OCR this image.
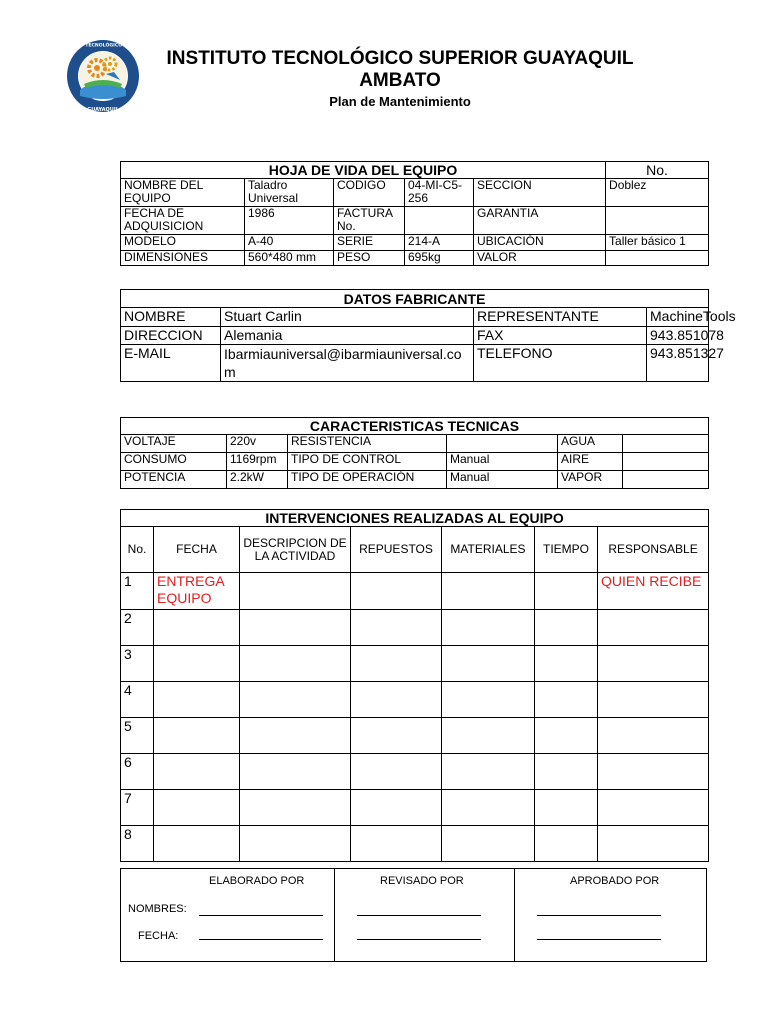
INSTITUTO TECNOLÓGICO SUPERIOR
GUAYAQUIL
INSTITUTO TECNOLÓGICO SUPERIOR GUAYAQUIL
AMBATO
Plan de Mantenimiento
HOJA DE VIDA DEL EQUIPO					No.
NOMBRE DEL EQUIPO	Taladro Universal	CODIGO	04-MI-C5-256	SECCION	Doblez
FECHA DE ADQUISICION	1986	FACTURA No.		GARANTIA	
MODELO	A-40	SERIE	214-A	UBICACIÓN	Taller básico 1
DIMENSIONES	560*480 mm	PESO	695kg	VALOR	
DATOS FABRICANTE			
NOMBRE	Stuart Carlin	REPRESENTANTE	MachineTools
DIRECCION	Alemania	FAX	943.851078
E-MAIL	Ibarmiauniversal@ibarmiauniversal.com	TELEFONO	943.851327
CARACTERISTICAS TECNICAS					
VOLTAJE	220v	RESISTENCIA		AGUA	
CONSUMO	1169rpm	TIPO DE CONTROL	Manual	AIRE	
POTENCIA	2.2kW	TIPO DE OPERACIÓN	Manual	VAPOR	
INTERVENCIONES REALIZADAS AL EQUIPO						
No.	FECHA	DESCRIPCION DE LA ACTIVIDAD	REPUESTOS	MATERIALES	TIEMPO	RESPONSABLE
1	ENTREGA EQUIPO					QUIEN RECIBE
2						
3						
4						
5						
6						
7						
8						
ELABORADO POR	REVISADO POR	APROBADO POR
NOMBRES:
FECHA:
